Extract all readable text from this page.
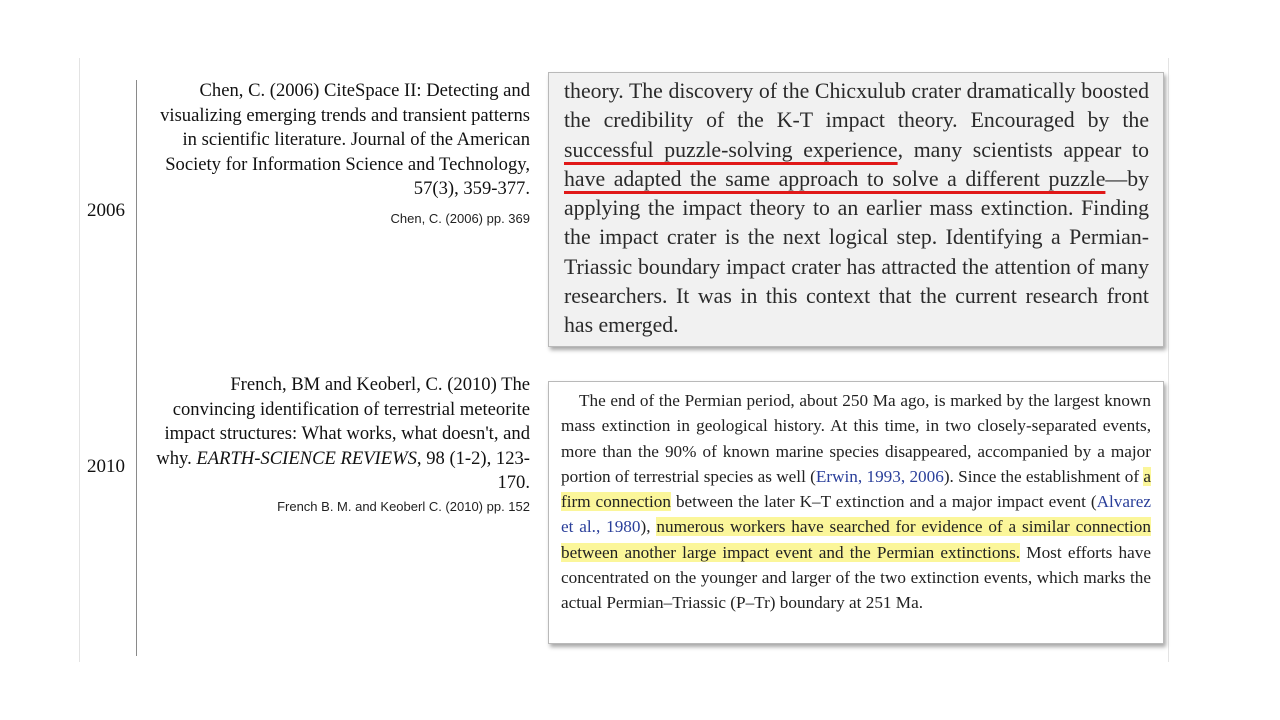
2006
Chen, C. (2006) CiteSpace II: Detecting and visualizing emerging trends and transient patterns in scientific literature. Journal of the American Society for Information Science and Technology, 57(3), 359-377.
Chen, C. (2006) pp. 369

theory. The discovery of the Chicxulub crater dramatically boosted the credibility of the K-T impact theory. Encouraged by the successful puzzle-solving experience, many scientists appear to have adapted the same approach to solve a different puzzle—by applying the impact theory to an earlier mass extinction. Finding the impact crater is the next logical step. Identifying a Permian-Triassic boundary impact crater has attracted the attention of many researchers. It was in this context that the current research front has emerged.

2010
French, BM and Keoberl, C. (2010) The convincing identification of terrestrial meteorite impact structures: What works, what doesn't, and why. EARTH-SCIENCE REVIEWS, 98 (1-2), 123-170.
French B. M. and Keoberl C. (2010) pp. 152

The end of the Permian period, about 250 Ma ago, is marked by the largest known mass extinction in geological history. At this time, in two closely-separated events, more than the 90% of known marine species disappeared, accompanied by a major portion of terrestrial species as well (Erwin, 1993, 2006). Since the establishment of a firm connection between the later K–T extinction and a major impact event (Alvarez et al., 1980), numerous workers have searched for evidence of a similar connection between another large impact event and the Permian extinctions. Most efforts have concentrated on the younger and larger of the two extinction events, which marks the actual Permian–Triassic (P–Tr) boundary at 251 Ma.
